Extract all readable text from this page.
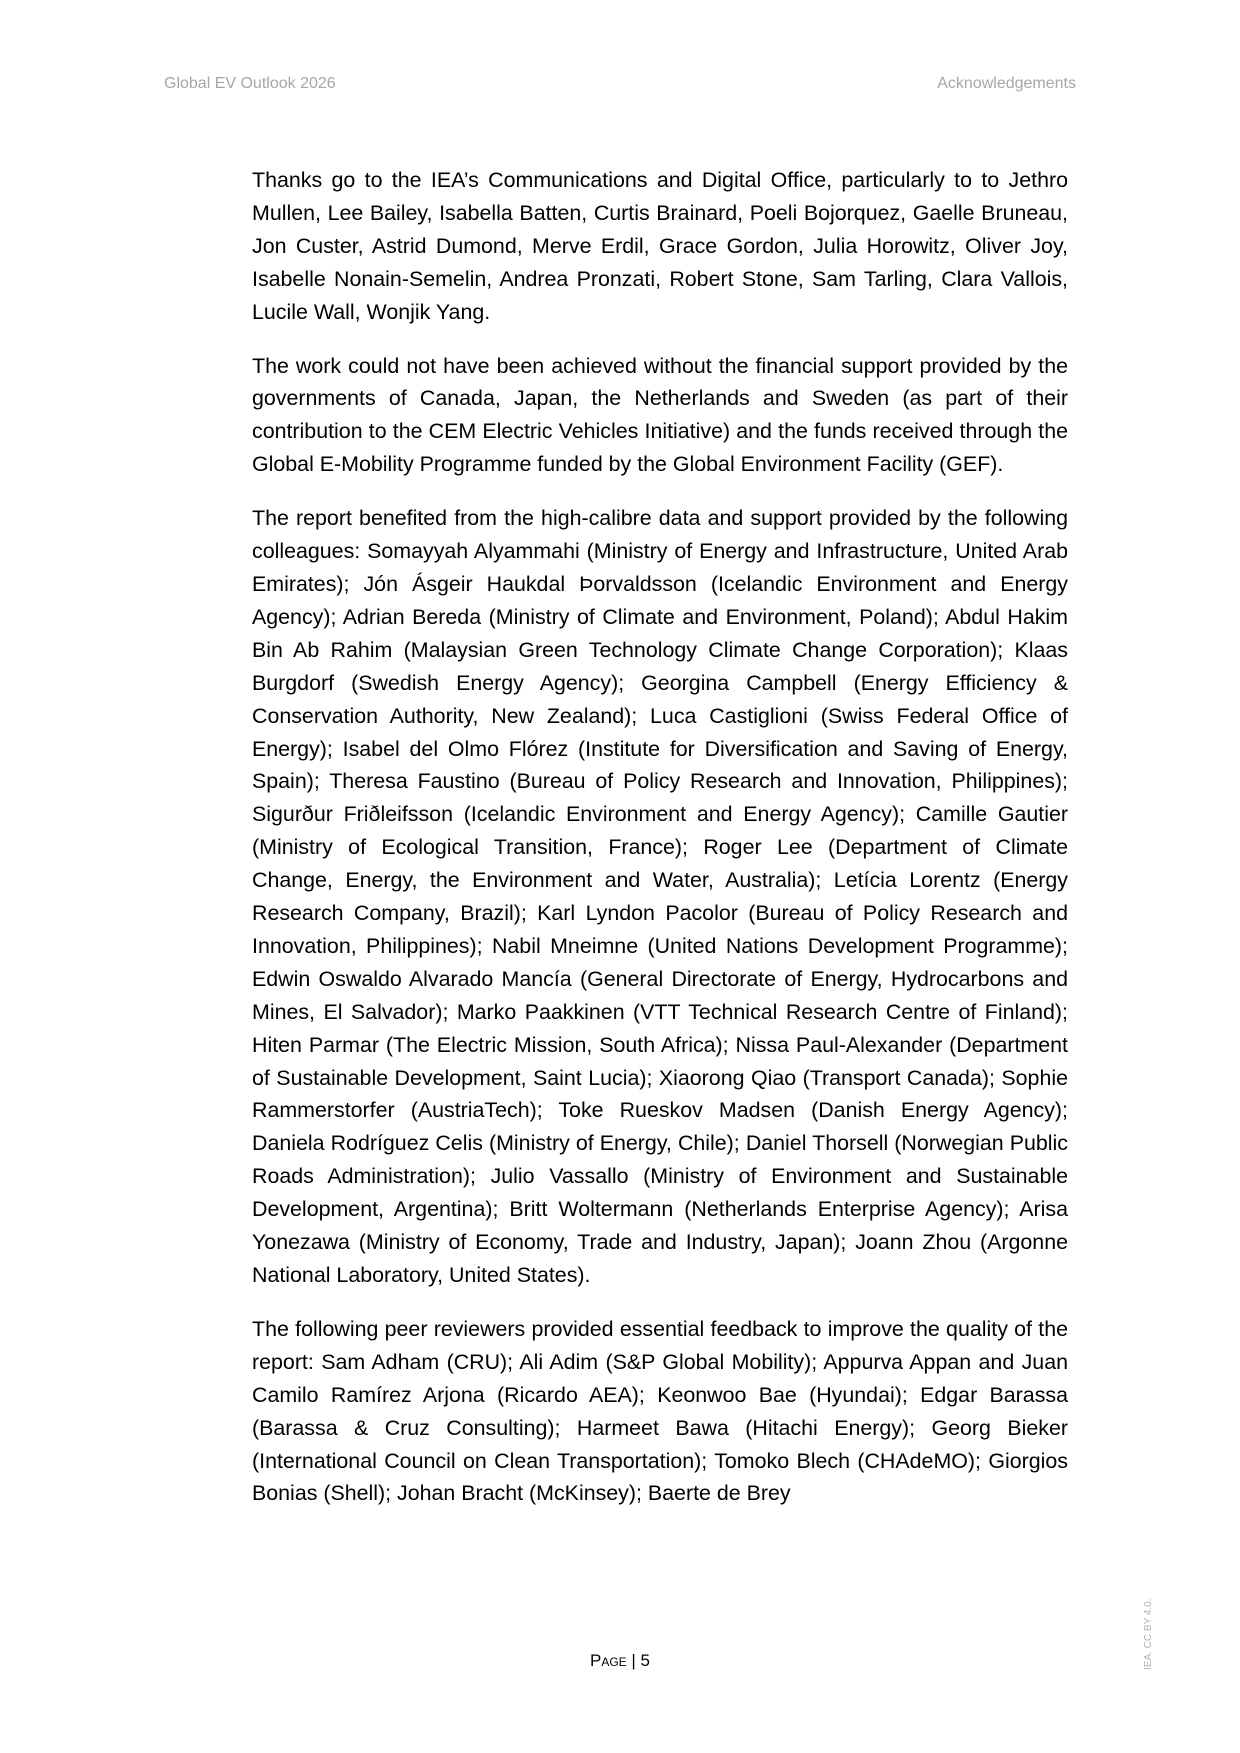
Global EV Outlook 2026	Acknowledgements

Thanks go to the IEA’s Communications and Digital Office, particularly to to Jethro Mullen, Lee Bailey, Isabella Batten, Curtis Brainard, Poeli Bojorquez, Gaelle Bruneau, Jon Custer, Astrid Dumond, Merve Erdil, Grace Gordon, Julia Horowitz, Oliver Joy, Isabelle Nonain-Semelin, Andrea Pronzati, Robert Stone, Sam Tarling, Clara Vallois, Lucile Wall, Wonjik Yang.

The work could not have been achieved without the financial support provided by the governments of Canada, Japan, the Netherlands and Sweden (as part of their contribution to the CEM Electric Vehicles Initiative) and the funds received through the Global E-Mobility Programme funded by the Global Environment Facility (GEF).

The report benefited from the high-calibre data and support provided by the following colleagues: Somayyah Alyammahi (Ministry of Energy and Infrastructure, United Arab Emirates); Jón Ásgeir Haukdal Þorvaldsson (Icelandic Environment and Energy Agency); Adrian Bereda (Ministry of Climate and Environment, Poland); Abdul Hakim Bin Ab Rahim (Malaysian Green Technology Climate Change Corporation); Klaas Burgdorf (Swedish Energy Agency); Georgina Campbell (Energy Efficiency & Conservation Authority, New Zealand); Luca Castiglioni (Swiss Federal Office of Energy); Isabel del Olmo Flórez (Institute for Diversification and Saving of Energy, Spain); Theresa Faustino (Bureau of Policy Research and Innovation, Philippines); Sigurður Friðleifsson (Icelandic Environment and Energy Agency); Camille Gautier (Ministry of Ecological Transition, France); Roger Lee (Department of Climate Change, Energy, the Environment and Water, Australia); Letícia Lorentz (Energy Research Company, Brazil); Karl Lyndon Pacolor (Bureau of Policy Research and Innovation, Philippines); Nabil Mneimne (United Nations Development Programme); Edwin Oswaldo Alvarado Mancía (General Directorate of Energy, Hydrocarbons and Mines, El Salvador); Marko Paakkinen (VTT Technical Research Centre of Finland); Hiten Parmar (The Electric Mission, South Africa); Nissa Paul-Alexander (Department of Sustainable Development, Saint Lucia); Xiaorong Qiao (Transport Canada); Sophie Rammerstorfer (AustriaTech); Toke Rueskov Madsen (Danish Energy Agency); Daniela Rodríguez Celis (Ministry of Energy, Chile); Daniel Thorsell (Norwegian Public Roads Administration); Julio Vassallo (Ministry of Environment and Sustainable Development, Argentina); Britt Woltermann (Netherlands Enterprise Agency); Arisa Yonezawa (Ministry of Economy, Trade and Industry, Japan); Joann Zhou (Argonne National Laboratory, United States).

The following peer reviewers provided essential feedback to improve the quality of the report: Sam Adham (CRU); Ali Adim (S&P Global Mobility); Appurva Appan and Juan Camilo Ramírez Arjona (Ricardo AEA); Keonwoo Bae (Hyundai); Edgar Barassa (Barassa & Cruz Consulting); Harmeet Bawa (Hitachi Energy); Georg Bieker (International Council on Clean Transportation); Tomoko Blech (CHAdeMO); Giorgios Bonias (Shell); Johan Bracht (McKinsey); Baerte de Brey

Page | 5	IEA. CC BY 4.0.
